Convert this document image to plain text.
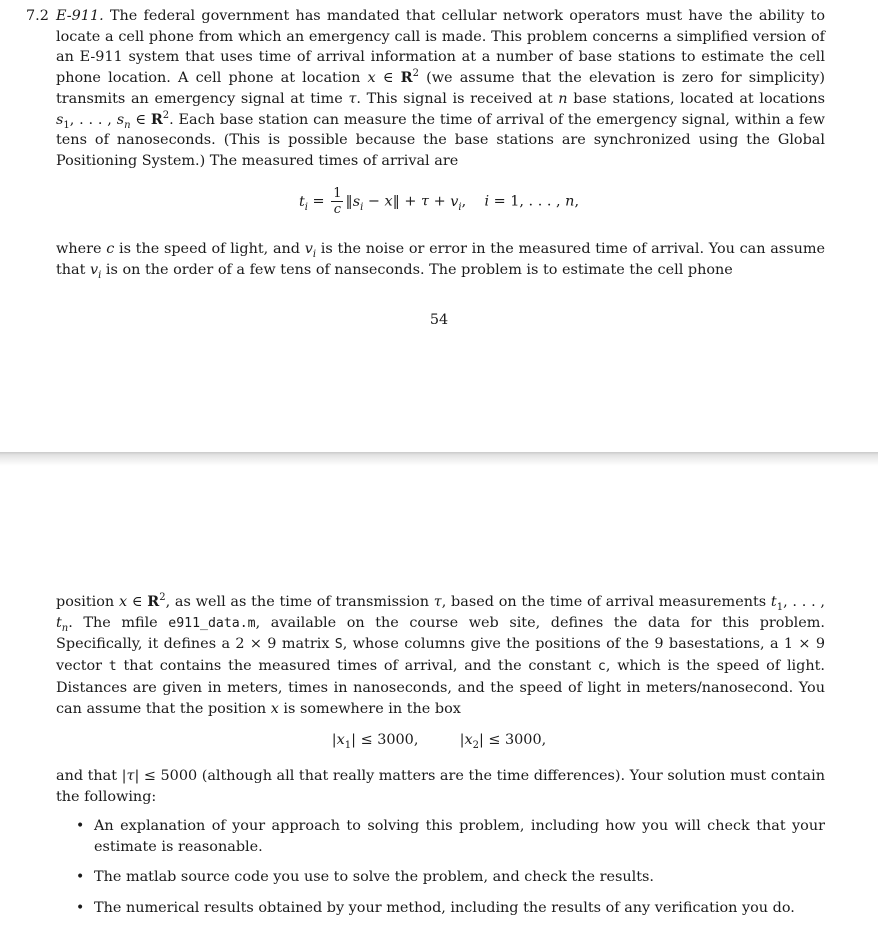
7.2 E-911. The federal government has mandated that cellular network operators must have the ability to locate a cell phone from which an emergency call is made. This problem concerns a simplified version of an E-911 system that uses time of arrival information at a number of base stations to estimate the cell phone location. A cell phone at location x ∈ $R^2$ (we assume that the elevation is zero for simplicity) transmits an emergency signal at time τ. This signal is received at n base stations, located at locations $s_1$, . . . , $s_n$ ∈ $R^2$. Each base station can measure the time of arrival of the emergency signal, within a few tens of nanoseconds. (This is possible because the base stations are synchronized using the Global Positioning System.) The measured times of arrival are

$t_i = \frac{1}{c}$ $‖s_i$ − x‖ + $\tau + v_i$,    i = 1, . . . , n,

where c is the speed of light, and $v_i$ is the noise or error in the measured time of arrival. You can assume that $v_i$ is on the order of a few tens of nanseconds. The problem is to estimate the cell phone

54

position x ∈ $R^2$, as well as the time of transmission τ, based on the time of arrival measurements $t_1$, . . . , $t_n$. The mfile e911_data.m, available on the course web site, defines the data for this problem. Specifically, it defines a 2 × 9 matrix S, whose columns give the positions of the 9 basestations, a 1 × 9 vector t that contains the measured times of arrival, and the constant c, which is the speed of light. Distances are given in meters, times in nanoseconds, and the speed of light in meters/nanosecond. You can assume that the position x is somewhere in the box

$|x_1| \le 3000$,         $|x_2| \le 3000$,

and that |τ| ≤ 5000 (although all that really matters are the time differences). Your solution must contain the following:

• An explanation of your approach to solving this problem, including how you will check that your estimate is reasonable.
• The matlab source code you use to solve the problem, and check the results.
• The numerical results obtained by your method, including the results of any verification you do.
